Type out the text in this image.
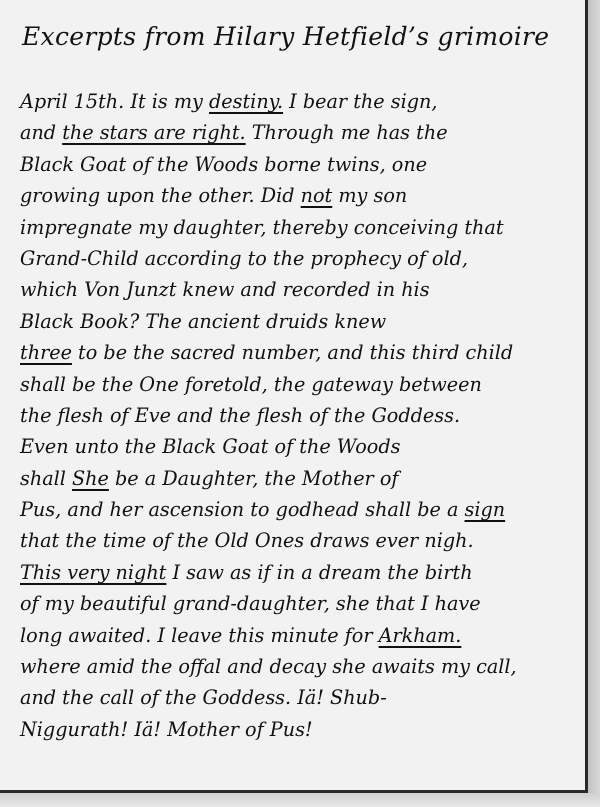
Excerpts from Hilary Hetfield’s grimoire
April 15th. It is my destiny. I bear the sign,
and the stars are right. Through me has the
Black Goat of the Woods borne twins, one
growing upon the other. Did not my son
impregnate my daughter, thereby conceiving that
Grand-Child according to the prophecy of old,
which Von Junzt knew and recorded in his
Black Book? The ancient druids knew
three to be the sacred number, and this third child
shall be the One foretold, the gateway between
the flesh of Eve and the flesh of the Goddess.
Even unto the Black Goat of the Woods
shall She be a Daughter, the Mother of
Pus, and her ascension to godhead shall be a sign
that the time of the Old Ones draws ever nigh.
This very night I saw as if in a dream the birth
of my beautiful grand-daughter, she that I have
long awaited. I leave this minute for Arkham.
where amid the offal and decay she awaits my call,
and the call of the Goddess. Iä! Shub-
Niggurath! Iä! Mother of Pus!
